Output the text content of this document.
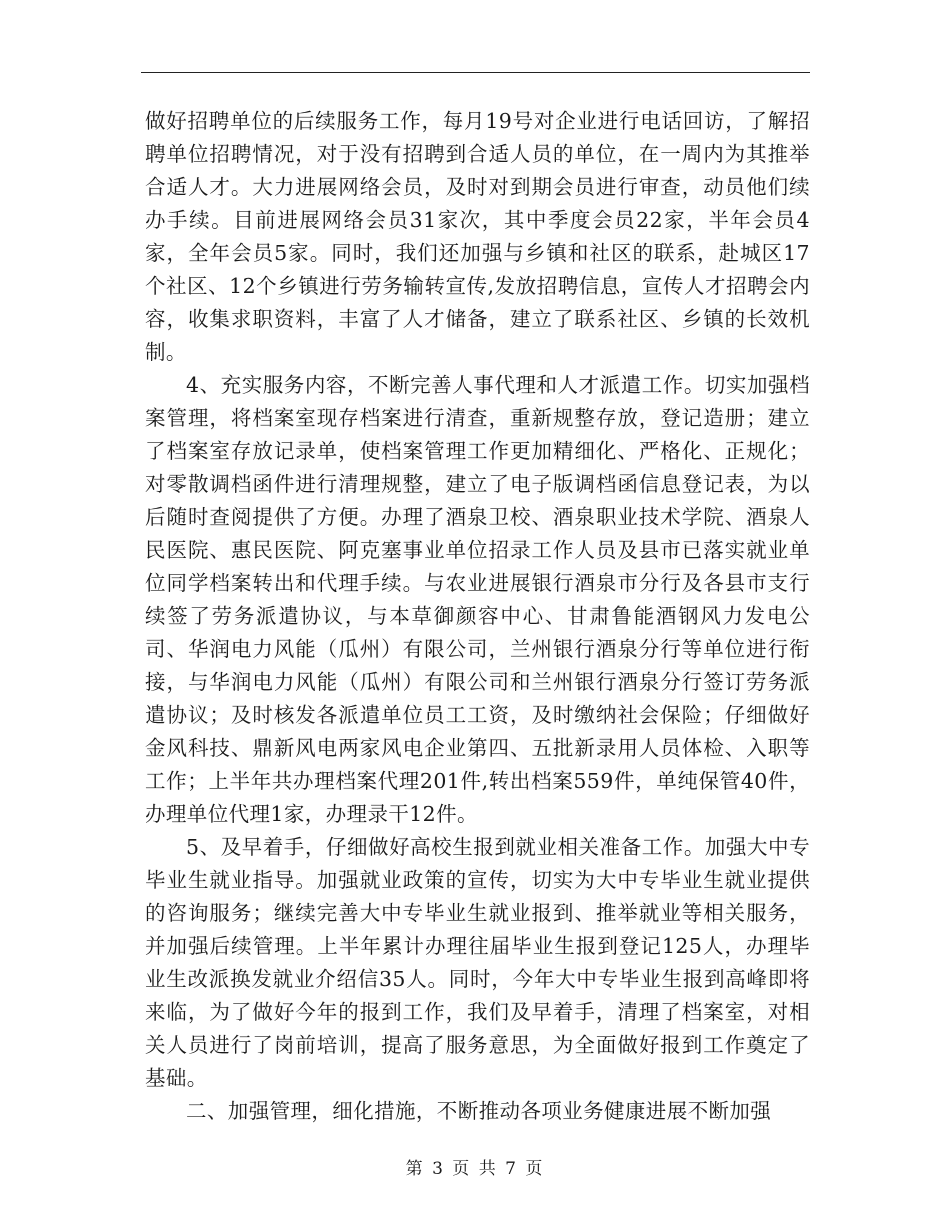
做好招聘单位的后续服务工作，每月19号对企业进行电话回访，了解招聘单位招聘情况，对于没有招聘到合适人员的单位，在一周内为其推举合适人才。大力进展网络会员，及时对到期会员进行审查，动员他们续办手续。目前进展网络会员31家次，其中季度会员22家，半年会员4家，全年会员5家。同时，我们还加强与乡镇和社区的联系，赴城区17个社区、12个乡镇进行劳务输转宣传,发放招聘信息，宣传人才招聘会内容，收集求职资料，丰富了人才储备，建立了联系社区、乡镇的长效机制。

4、充实服务内容，不断完善人事代理和人才派遣工作。切实加强档案管理，将档案室现存档案进行清查，重新规整存放，登记造册；建立了档案室存放记录单，使档案管理工作更加精细化、严格化、正规化；对零散调档函件进行清理规整，建立了电子版调档函信息登记表，为以后随时查阅提供了方便。办理了酒泉卫校、酒泉职业技术学院、酒泉人民医院、惠民医院、阿克塞事业单位招录工作人员及县市已落实就业单位同学档案转出和代理手续。与农业进展银行酒泉市分行及各县市支行续签了劳务派遣协议，与本草御颜容中心、甘肃鲁能酒钢风力发电公司、华润电力风能（瓜州）有限公司，兰州银行酒泉分行等单位进行衔接，与华润电力风能（瓜州）有限公司和兰州银行酒泉分行签订劳务派遣协议；及时核发各派遣单位员工工资，及时缴纳社会保险；仔细做好金风科技、鼎新风电两家风电企业第四、五批新录用人员体检、入职等工作；上半年共办理档案代理201件,转出档案559件，单纯保管40件，办理单位代理1家，办理录干12件。

5、及早着手，仔细做好高校生报到就业相关准备工作。加强大中专毕业生就业指导。加强就业政策的宣传，切实为大中专毕业生就业提供的咨询服务；继续完善大中专毕业生就业报到、推举就业等相关服务，并加强后续管理。上半年累计办理往届毕业生报到登记125人，办理毕业生改派换发就业介绍信35人。同时，今年大中专毕业生报到高峰即将来临，为了做好今年的报到工作，我们及早着手，清理了档案室，对相关人员进行了岗前培训，提高了服务意思，为全面做好报到工作奠定了基础。

二、加强管理，细化措施，不断推动各项业务健康进展不断加强

第 3 页 共 7 页
